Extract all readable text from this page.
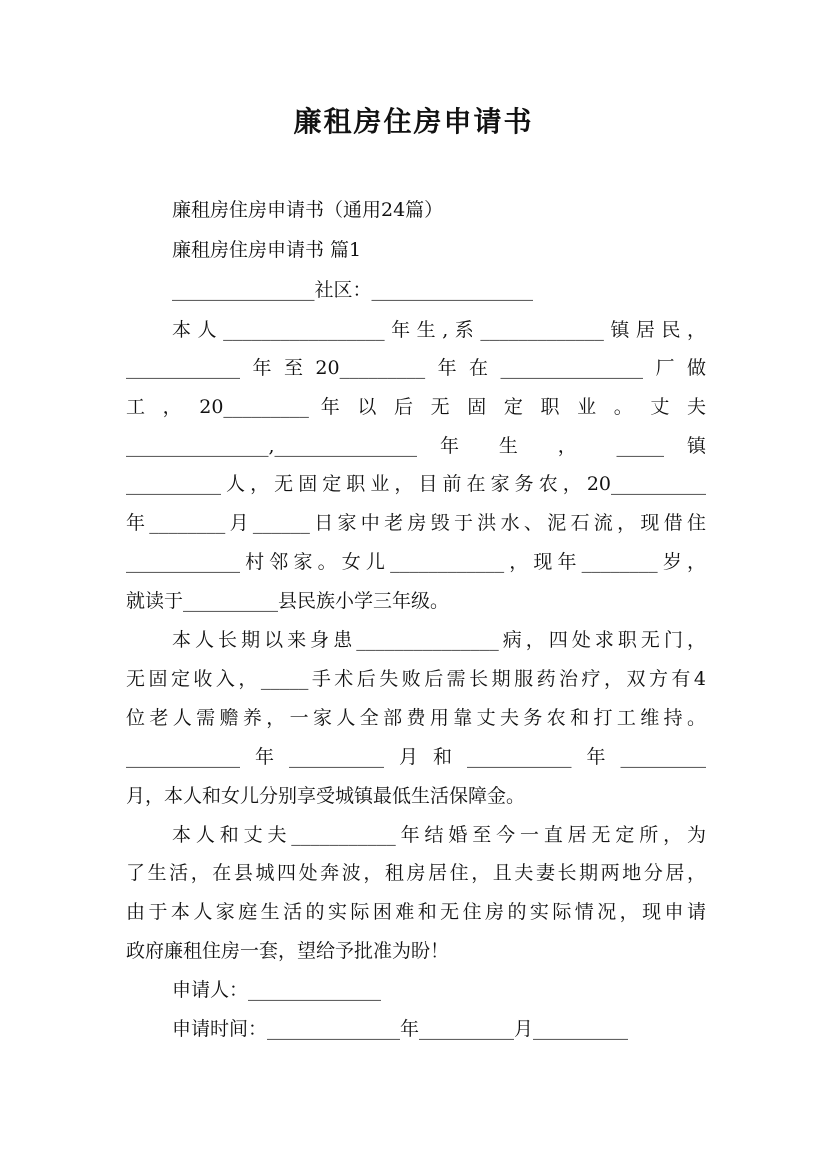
廉租房住房申请书
廉租房住房申请书（通用24篇）
廉租房住房申请书 篇1
_______________社区：_________________
本人_________________年生,系_____________镇居民，
____________年至20_________年在_______________厂做
工 ， 20_________ 年 以 后 无 固 定 职 业 。 丈 夫
_______________,_______________ 年 生 ， _____ 镇
__________人，无固定职业，目前在家务农，20__________
年________月______日家中老房毁于洪水、泥石流，现借住
____________村邻家。女儿____________，现年________岁，
就读于__________县民族小学三年级。
本人长期以来身患_______________病，四处求职无门，
无固定收入，_____手术后失败后需长期服药治疗，双方有4
位老人需赡养，一家人全部费用靠丈夫务农和打工维持。
____________年__________月和___________年_________
月，本人和女儿分别享受城镇最低生活保障金。
本人和丈夫___________年结婚至今一直居无定所，为
了生活，在县城四处奔波，租房居住，且夫妻长期两地分居，
由于本人家庭生活的实际困难和无住房的实际情况，现申请
政府廉租住房一套，望给予批准为盼！
申请人：______________
申请时间：______________年__________月__________
